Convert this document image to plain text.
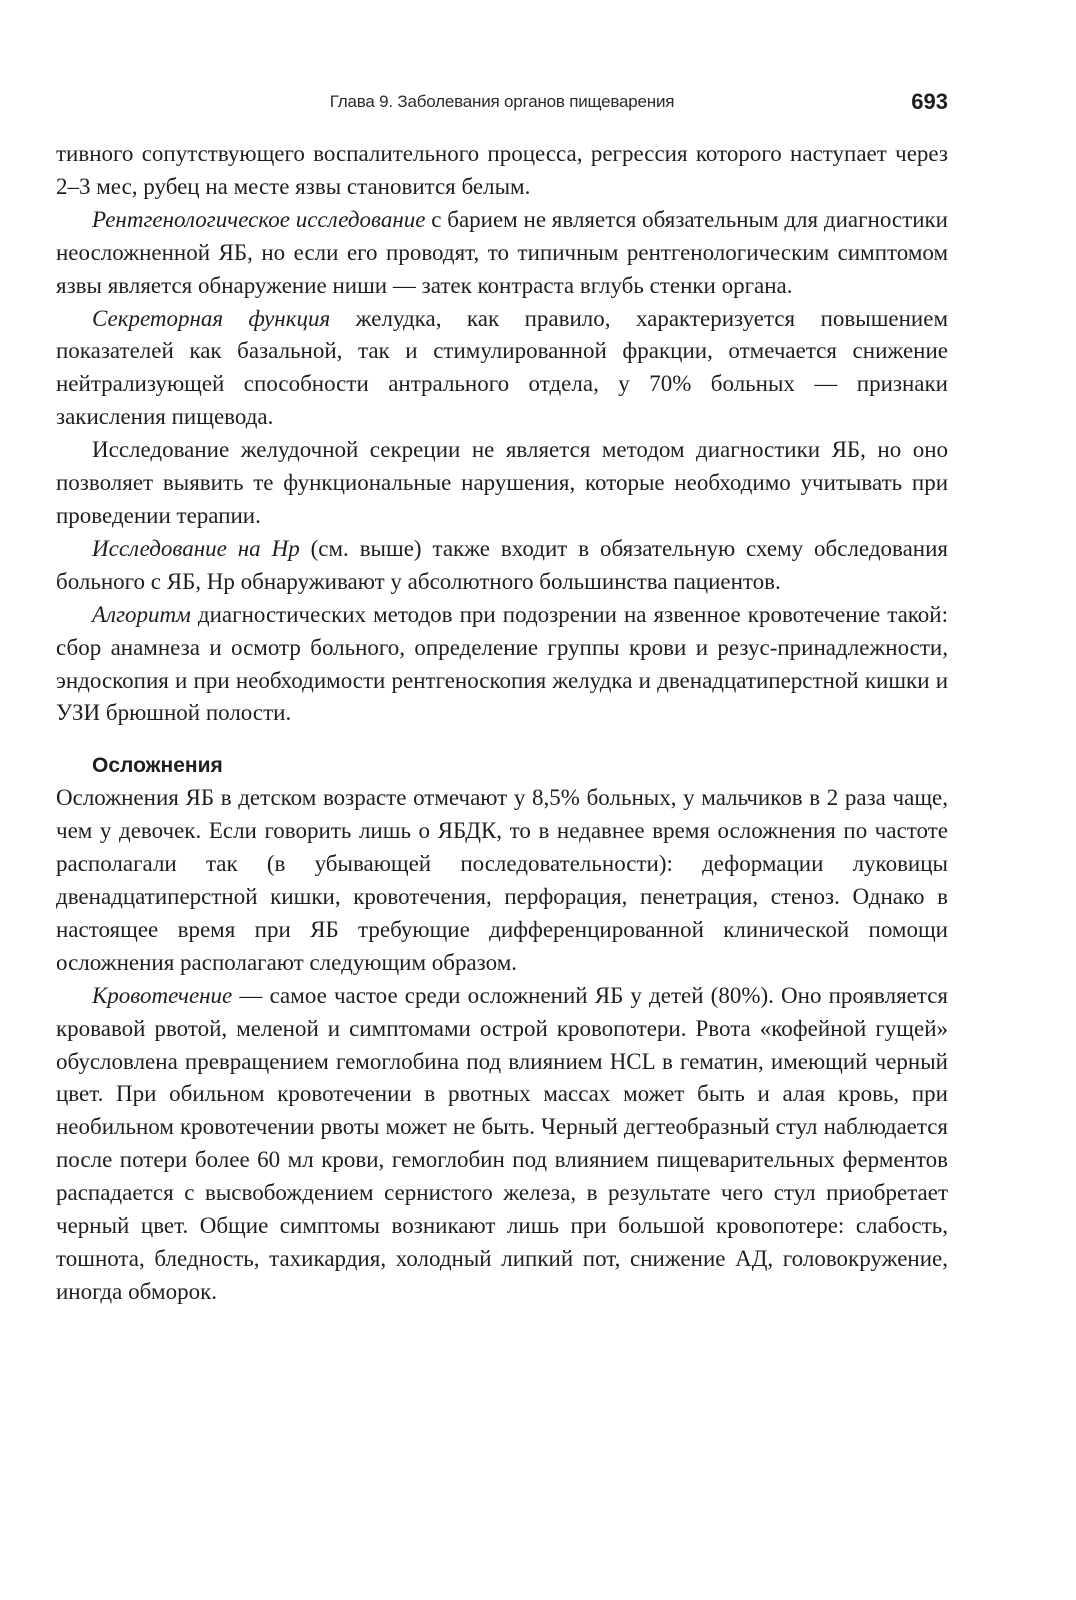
Глава 9. Заболевания органов пищеварения	693

тивного сопутствующего воспалительного процесса, регрессия которого наступает через 2–3 мес, рубец на месте язвы становится белым.

Рентгенологическое исследование с барием не является обязательным для диагностики неосложненной ЯБ, но если его проводят, то типичным рентгенологическим симптомом язвы является обнаружение ниши — затек контраста вглубь стенки органа.

Секреторная функция желудка, как правило, характеризуется повышением показателей как базальной, так и стимулированной фракции, отмечается снижение нейтрализующей способности антрального отдела, у 70% больных — признаки закисления пищевода.

Исследование желудочной секреции не является методом диагностики ЯБ, но оно позволяет выявить те функциональные нарушения, которые необходимо учитывать при проведении терапии.

Исследование на Нр (см. выше) также входит в обязательную схему обследования больного с ЯБ, Нр обнаруживают у абсолютного большинства пациентов.

Алгоритм диагностических методов при подозрении на язвенное кровотечение такой: сбор анамнеза и осмотр больного, определение группы крови и резус-принадлежности, эндоскопия и при необходимости рентгеноскопия желудка и двенадцатиперстной кишки и УЗИ брюшной полости.

Осложнения

Осложнения ЯБ в детском возрасте отмечают у 8,5% больных, у мальчиков в 2 раза чаще, чем у девочек. Если говорить лишь о ЯБДК, то в недавнее время осложнения по частоте располагали так (в убывающей последовательности): деформации луковицы двенадцатиперстной кишки, кровотечения, перфорация, пенетрация, стеноз. Однако в настоящее время при ЯБ требующие дифференцированной клинической помощи осложнения располагают следующим образом.

Кровотечение — самое частое среди осложнений ЯБ у детей (80%). Оно проявляется кровавой рвотой, меленой и симптомами острой кровопотери. Рвота «кофейной гущей» обусловлена превращением гемоглобина под влиянием HCL в гематин, имеющий черный цвет. При обильном кровотечении в рвотных массах может быть и алая кровь, при необильном кровотечении рвоты может не быть. Черный дегтеобразный стул наблюдается после потери более 60 мл крови, гемоглобин под влиянием пищеварительных ферментов распадается с высвобождением сернистого железа, в результате чего стул приобретает черный цвет. Общие симптомы возникают лишь при большой кровопотере: слабость, тошнота, бледность, тахикардия, холодный липкий пот, снижение АД, головокружение, иногда обморок.
